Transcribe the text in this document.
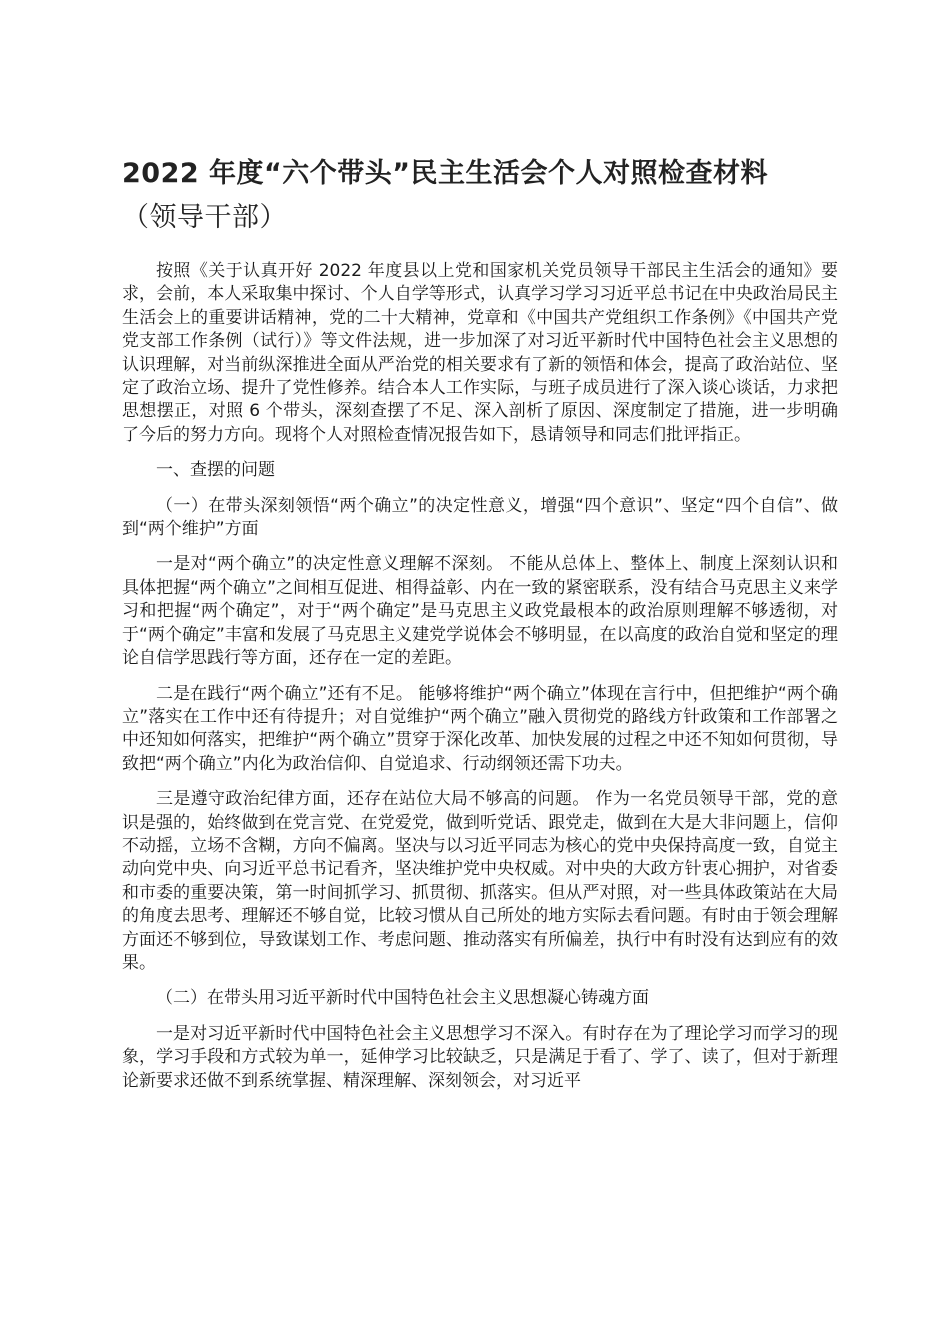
2022 年度“六个带头”民主生活会个人对照检查材料
（领导干部）

按照《关于认真开好 2022 年度县以上党和国家机关党员领导干部民主生活会的通知》要求，会前，本人采取集中探讨、个人自学等形式，认真学习学习习近平总书记在中央政治局民主生活会上的重要讲话精神，党的二十大精神，党章和《中国共产党组织工作条例》《中国共产党党支部工作条例（试行）》等文件法规，进一步加深了对习近平新时代中国特色社会主义思想的认识理解，对当前纵深推进全面从严治党的相关要求有了新的领悟和体会，提高了政治站位、坚定了政治立场、提升了党性修养。结合本人工作实际，与班子成员进行了深入谈心谈话，力求把思想摆正，对照 6 个带头，深刻查摆了不足、深入剖析了原因、深度制定了措施，进一步明确了今后的努力方向。现将个人对照检查情况报告如下，恳请领导和同志们批评指正。

一、查摆的问题

（一）在带头深刻领悟“两个确立”的决定性意义，增强“四个意识”、坚定“四个自信”、做到“两个维护”方面

一是对“两个确立”的决定性意义理解不深刻。 不能从总体上、整体上、制度上深刻认识和具体把握“两个确立”之间相互促进、相得益彰、内在一致的紧密联系，没有结合马克思主义来学习和把握“两个确定”，对于“两个确定”是马克思主义政党最根本的政治原则理解不够透彻，对于“两个确定”丰富和发展了马克思主义建党学说体会不够明显，在以高度的政治自觉和坚定的理论自信学思践行等方面，还存在一定的差距。

二是在践行“两个确立”还有不足。 能够将维护“两个确立”体现在言行中，但把维护“两个确立”落实在工作中还有待提升；对自觉维护“两个确立”融入贯彻党的路线方针政策和工作部署之中还知如何落实，把维护“两个确立”贯穿于深化改革、加快发展的过程之中还不知如何贯彻，导致把“两个确立”内化为政治信仰、自觉追求、行动纲领还需下功夫。

三是遵守政治纪律方面，还存在站位大局不够高的问题。 作为一名党员领导干部，党的意识是强的，始终做到在党言党、在党爱党，做到听党话、跟党走，做到在大是大非问题上，信仰不动摇，立场不含糊，方向不偏离。坚决与以习近平同志为核心的党中央保持高度一致，自觉主动向党中央、向习近平总书记看齐，坚决维护党中央权威。对中央的大政方针衷心拥护，对省委和市委的重要决策，第一时间抓学习、抓贯彻、抓落实。但从严对照，对一些具体政策站在大局的角度去思考、理解还不够自觉，比较习惯从自己所处的地方实际去看问题。有时由于领会理解方面还不够到位，导致谋划工作、考虑问题、推动落实有所偏差，执行中有时没有达到应有的效果。

（二）在带头用习近平新时代中国特色社会主义思想凝心铸魂方面

一是对习近平新时代中国特色社会主义思想学习不深入。有时存在为了理论学习而学习的现象，学习手段和方式较为单一，延伸学习比较缺乏，只是满足于看了、学了、读了，但对于新理论新要求还做不到系统掌握、精深理解、深刻领会，对习近平
